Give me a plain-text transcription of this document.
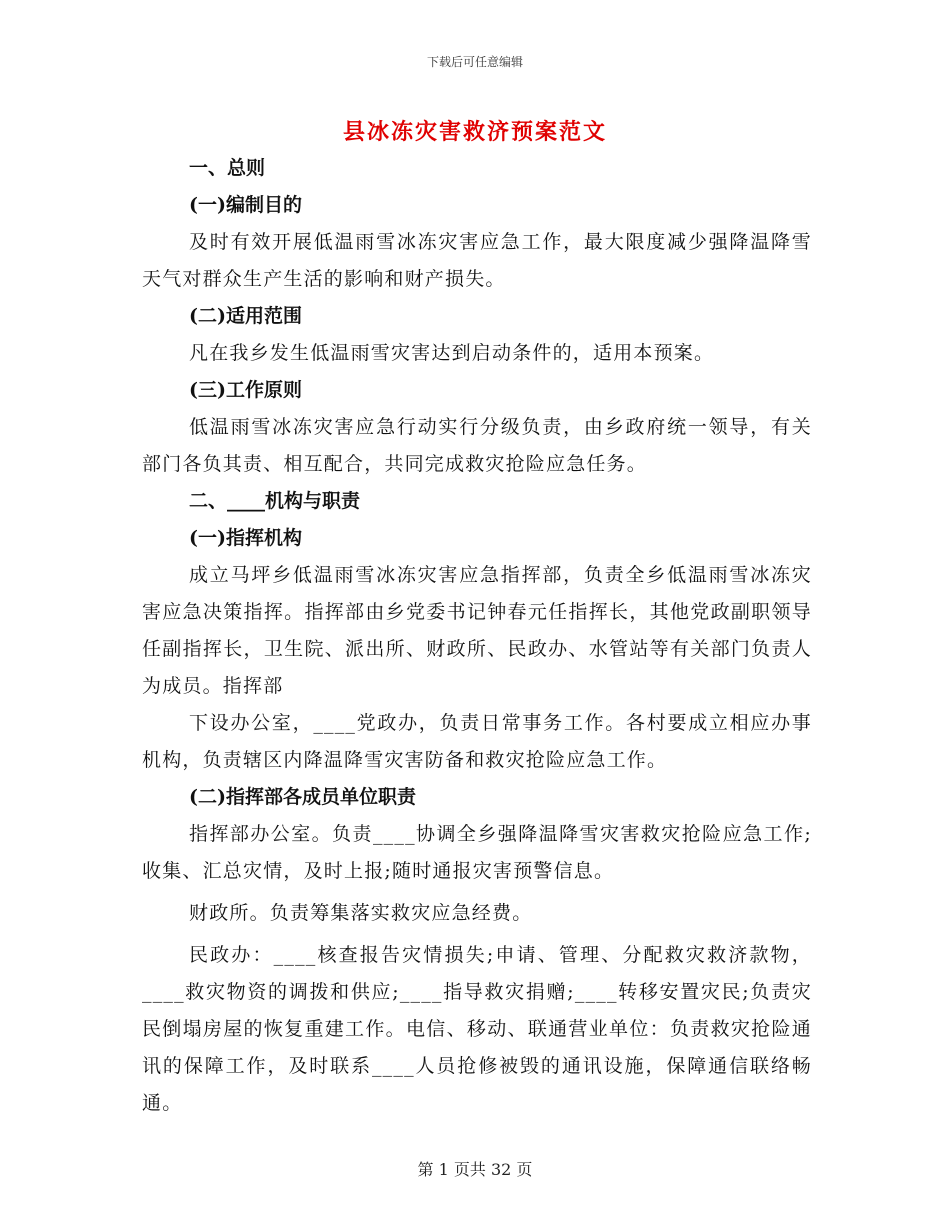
下载后可任意编辑
县冰冻灾害救济预案范文

一、总则

(一)编制目的

及时有效开展低温雨雪冰冻灾害应急工作，最大限度减少强降温降雪天气对群众生产生活的影响和财产损失。

(二)适用范围

凡在我乡发生低温雨雪灾害达到启动条件的，适用本预案。

(三)工作原则

低温雨雪冰冻灾害应急行动实行分级负责，由乡政府统一领导，有关部门各负其责、相互配合，共同完成救灾抢险应急任务。

二、____机构与职责

(一)指挥机构

成立马坪乡低温雨雪冰冻灾害应急指挥部，负责全乡低温雨雪冰冻灾害应急决策指挥。指挥部由乡党委书记钟春元任指挥长，其他党政副职领导任副指挥长，卫生院、派出所、财政所、民政办、水管站等有关部门负责人为成员。指挥部

下设办公室，____党政办，负责日常事务工作。各村要成立相应办事机构，负责辖区内降温降雪灾害防备和救灾抢险应急工作。

(二)指挥部各成员单位职责

指挥部办公室。负责____协调全乡强降温降雪灾害救灾抢险应急工作;收集、汇总灾情，及时上报;随时通报灾害预警信息。

财政所。负责筹集落实救灾应急经费。

民政办：____核查报告灾情损失;申请、管理、分配救灾救济款物，____救灾物资的调拨和供应;____指导救灾捐赠;____转移安置灾民;负责灾民倒塌房屋的恢复重建工作。电信、移动、联通营业单位：负责救灾抢险通讯的保障工作，及时联系____人员抢修被毁的通讯设施，保障通信联络畅通。

第 1 页共 32 页
